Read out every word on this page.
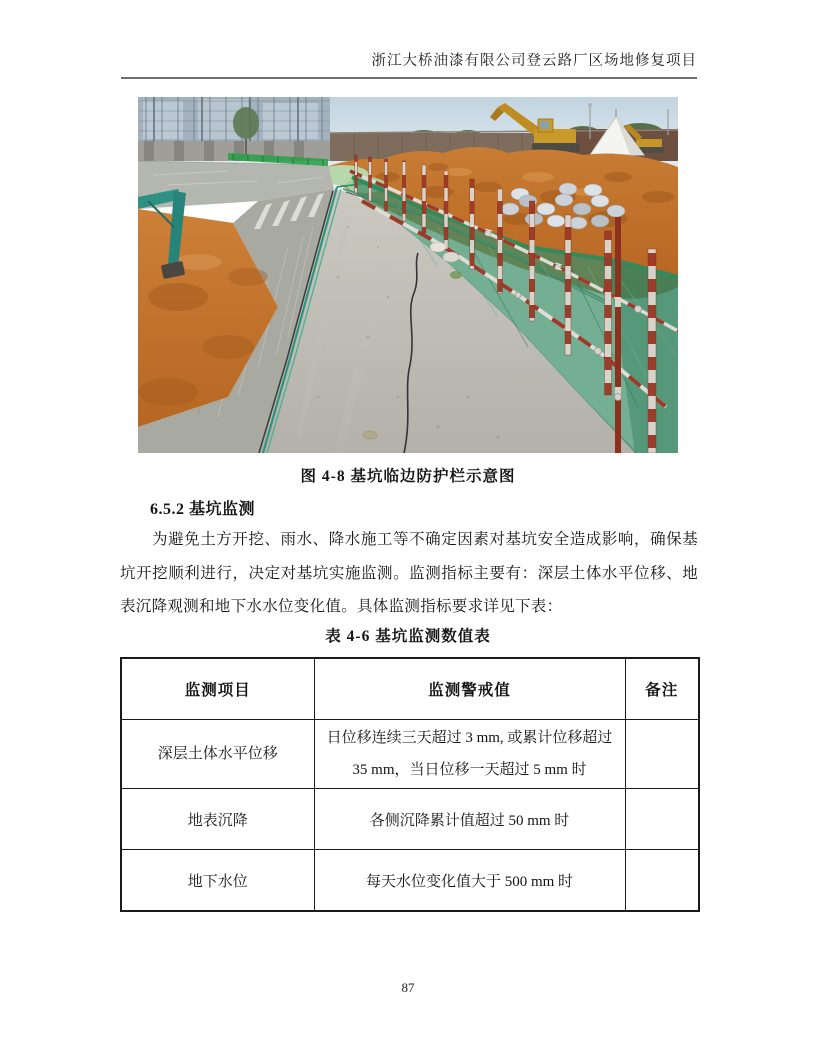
浙江大桥油漆有限公司登云路厂区场地修复项目
图 4-8 基坑临边防护栏示意图
6.5.2 基坑监测

为避免土方开挖、雨水、降水施工等不确定因素对基坑安全造成影响，确保基坑开挖顺利进行，决定对基坑实施监测。监测指标主要有：深层土体水平位移、地表沉降观测和地下水水位变化值。具体监测指标要求详见下表：

表 4-6 基坑监测数值表
监测项目	监测警戒值	备注
深层土体水平位移	日位移连续三天超过 3 mm, 或累计位移超过 35 mm，当日位移一天超过 5 mm 时	
地表沉降	各侧沉降累计值超过 50 mm 时	
地下水位	每天水位变化值大于 500 mm 时	
87
